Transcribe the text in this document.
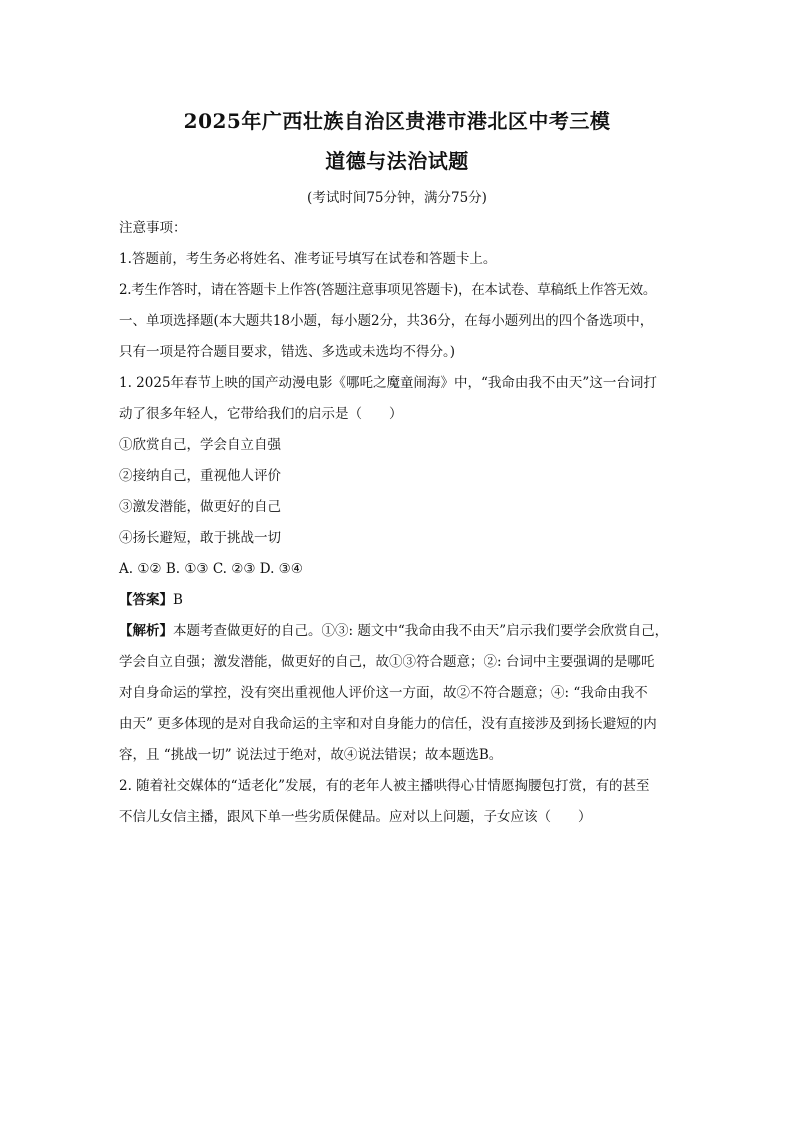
2025年广西壮族自治区贵港市港北区中考三模
道德与法治试题
(考试时间75分钟，满分75分)
注意事项：
1.答题前，考生务必将姓名、准考证号填写在试卷和答题卡上。
2.考生作答时，请在答题卡上作答(答题注意事项见答题卡)，在本试卷、草稿纸上作答无效。
一、单项选择题(本大题共18小题，每小题2分，共36分，在每小题列出的四个备选项中，
只有一项是符合题目要求，错选、多选或未选均不得分。)
1. 2025年春节上映的国产动漫电影《哪吒之魔童闹海》中，“我命由我不由天”这一台词打
动了很多年轻人，它带给我们的启示是（　　）
①欣赏自己，学会自立自强
②接纳自己，重视他人评价
③激发潜能，做更好的自己
④扬长避短，敢于挑战一切
A. ①② B. ①③ C. ②③ D. ③④
【答案】B
【解析】本题考查做更好的自己。①③: 题文中“我命由我不由天”启示我们要学会欣赏自己，
学会自立自强；激发潜能，做更好的自己，故①③符合题意；②: 台词中主要强调的是哪吒
对自身命运的掌控，没有突出重视他人评价这一方面，故②不符合题意；④: “我命由我不
由天” 更多体现的是对自我命运的主宰和对自身能力的信任，没有直接涉及到扬长避短的内
容，且 “挑战一切” 说法过于绝对，故④说法错误；故本题选B。
2. 随着社交媒体的“适老化”发展，有的老年人被主播哄得心甘情愿掏腰包打赏，有的甚至
不信儿女信主播，跟风下单一些劣质保健品。应对以上问题，子女应该（　　）
